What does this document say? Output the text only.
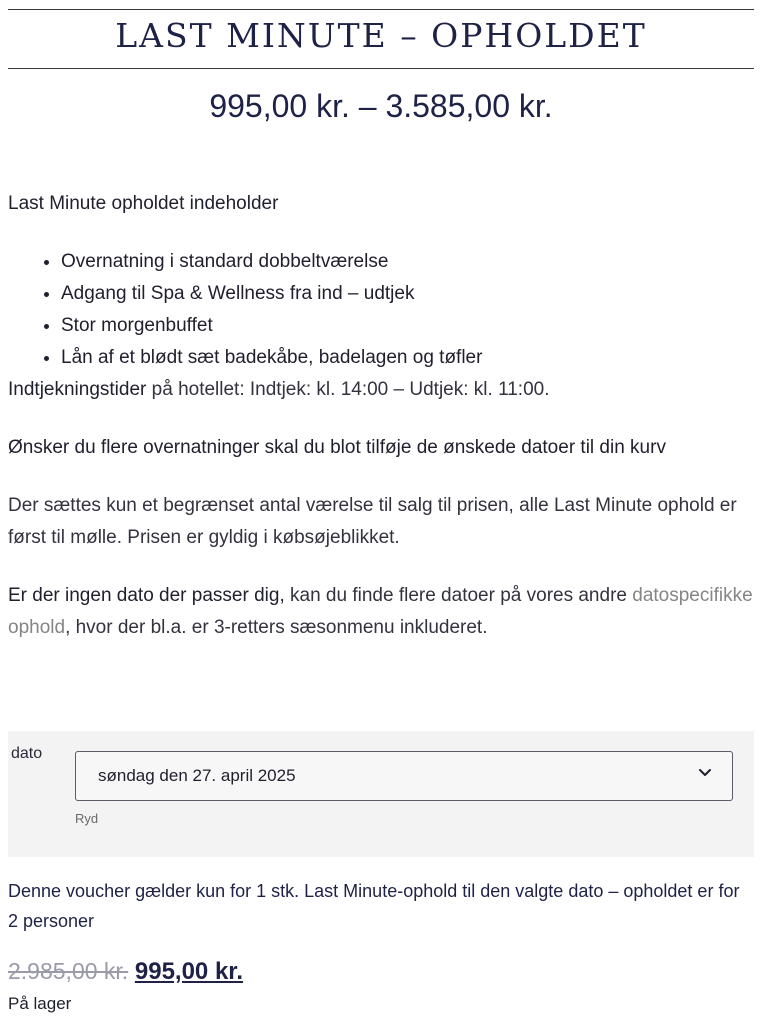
LAST MINUTE – OPHOLDET

995,00 kr. – 3.585,00 kr.

Last Minute opholdet indeholder

• Overnatning i standard dobbeltværelse
• Adgang til Spa & Wellness fra ind – udtjek
• Stor morgenbuffet
• Lån af et blødt sæt badekåbe, badelagen og tøfler

Indtjekningstider på hotellet: Indtjek: kl. 14:00 – Udtjek: kl. 11:00.

Ønsker du flere overnatninger skal du blot tilføje de ønskede datoer til din kurv

Der sættes kun et begrænset antal værelse til salg til prisen, alle Last Minute ophold er først til mølle. Prisen er gyldig i købsøjeblikket.

Er der ingen dato der passer dig, kan du finde flere datoer på vores andre datospecifikke ophold, hvor der bl.a. er 3-retters sæsonmenu inkluderet.

dato
søndag den 27. april 2025
Ryd

Denne voucher gælder kun for 1 stk. Last Minute-ophold til den valgte dato – opholdet er for 2 personer

2.985,00 kr. 995,00 kr.
På lager
